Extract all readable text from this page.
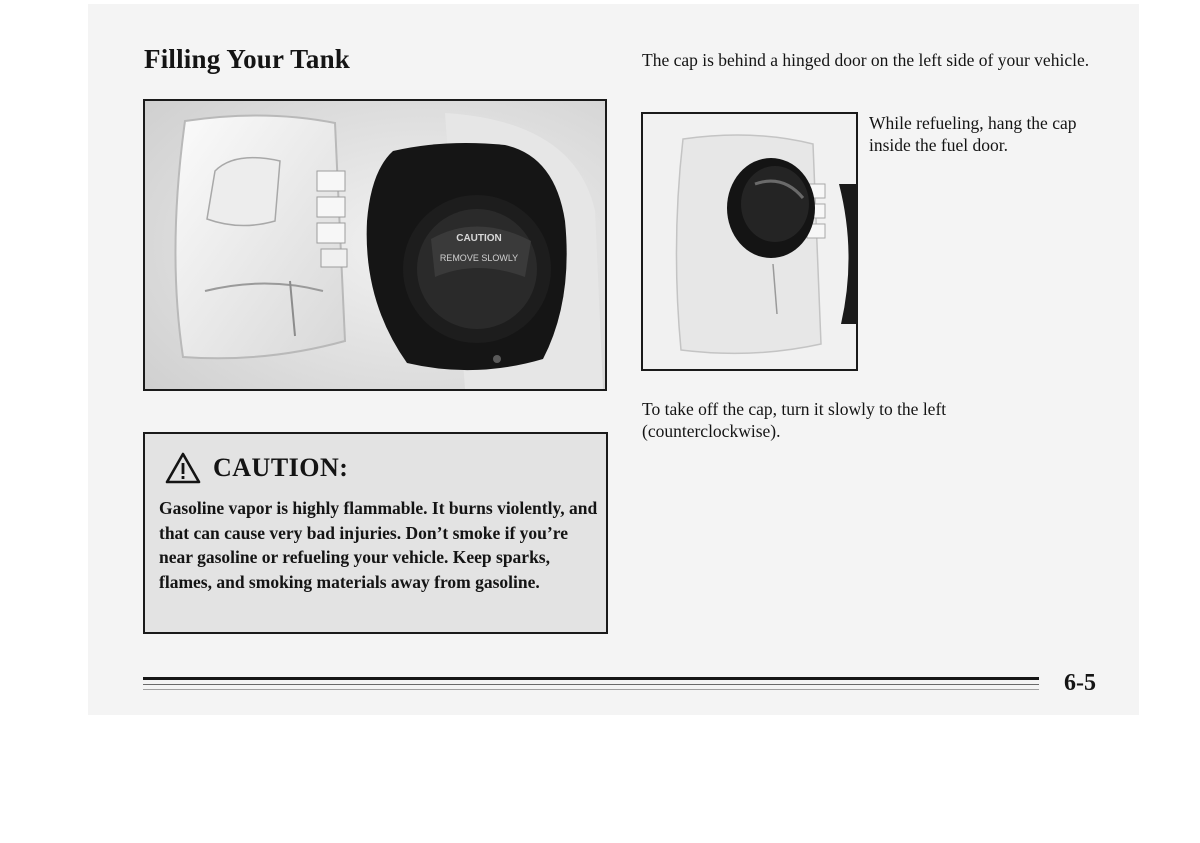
Filling Your Tank
CAUTION
REMOVE SLOWLY
The cap is behind a hinged door on the left side of your vehicle.
While refueling, hang the cap inside the fuel door.
To take off the cap, turn it slowly to the left (counterclockwise).
CAUTION:
Gasoline vapor is highly flammable. It burns violently, and that can cause very bad injuries. Don’t smoke if you’re near gasoline or refueling your vehicle. Keep sparks, flames, and smoking materials away from gasoline.
6-5
